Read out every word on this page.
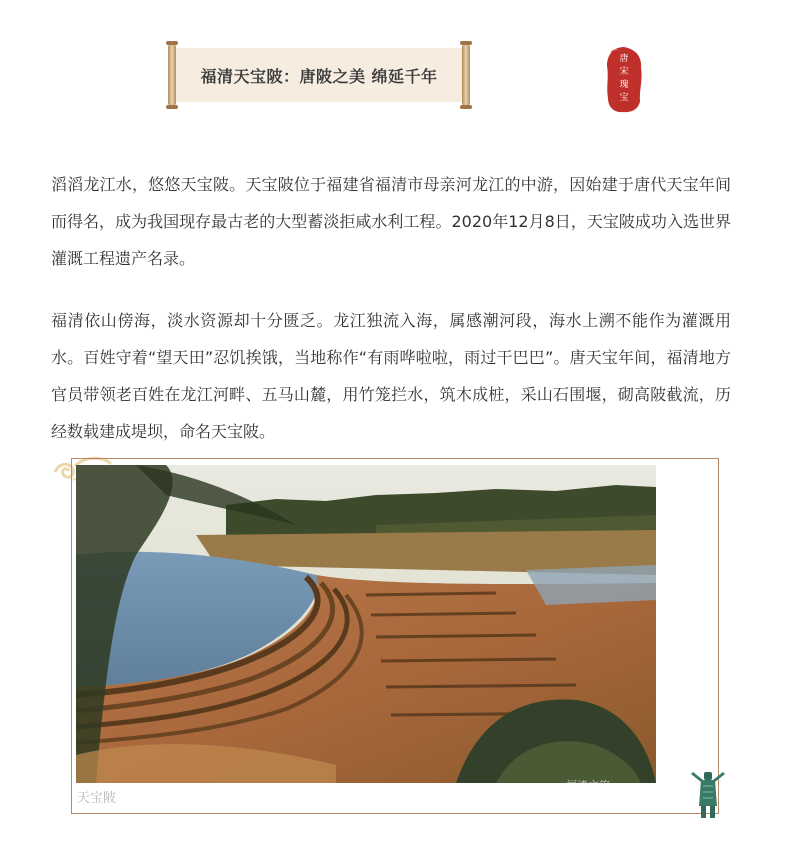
福清天宝陂：唐陂之美 绵延千年
唐
宋
瑰
宝

滔滔龙江水，悠悠天宝陂。天宝陂位于福建省福清市母亲河龙江的中游，因始建于唐代天宝年间而得名，成为我国现存最古老的大型蓄淡拒咸水利工程。2020年12月8日，天宝陂成功入选世界灌溉工程遗产名录。

福清依山傍海，淡水资源却十分匮乏。龙江独流入海，属感潮河段，海水上溯不能作为灌溉用水。百姓守着“望天田”忍饥挨饿，当地称作“有雨哗啦啦，雨过干巴巴”。唐天宝年间，福清地方官员带领老百姓在龙江河畔、五马山麓，用竹笼拦水，筑木成桩，采山石围堰，砌高陂截流，历经数载建成堤坝，命名天宝陂。

天宝陂
福清文旅
